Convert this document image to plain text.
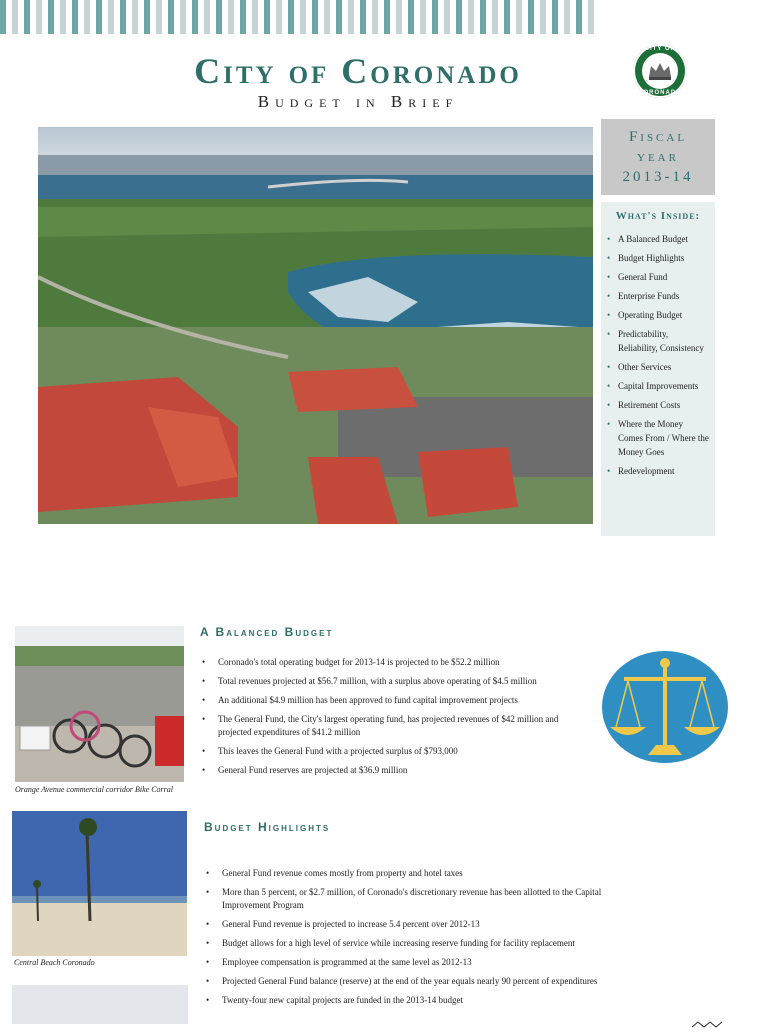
City of Coronado
Budget in Brief
CITY OF
CORONADO
Fiscal
year
2013-14
What's Inside:
• A Balanced Budget
• Budget Highlights
• General Fund
• Enterprise Funds
• Operating Budget
• Predictability, Reliability, Consistency
• Other Services
• Capital Improvements
• Retirement Costs
• Where the Money Comes From / Where the Money Goes
• Redevelopment
Orange Avenue commercial corridor Bike Corral
Central Beach Coronado
A Balanced Budget
• Coronado's total operating budget for 2013-14 is projected to be $52.2 million
• Total revenues projected at $56.7 million, with a surplus above operating of $4.5 million
• An additional $4.9 million has been approved to fund capital improvement projects
• The General Fund, the City's largest operating fund, has projected revenues of $42 million and projected expenditures of $41.2 million
• This leaves the General Fund with a projected surplus of $793,000
• General Fund reserves are projected at $36.9 million
Budget Highlights
• General Fund revenue comes mostly from property and hotel taxes
• More than 5 percent, or $2.7 million, of Coronado's discretionary revenue has been allotted to the Capital Improvement Program
• General Fund revenue is projected to increase 5.4 percent over 2012-13
• Budget allows for a high level of service while increasing reserve funding for facility replacement
• Employee compensation is programmed at the same level as 2012-13
• Projected General Fund balance (reserve) at the end of the year equals nearly 90 percent of expenditures
• Twenty-four new capital projects are funded in the 2013-14 budget
